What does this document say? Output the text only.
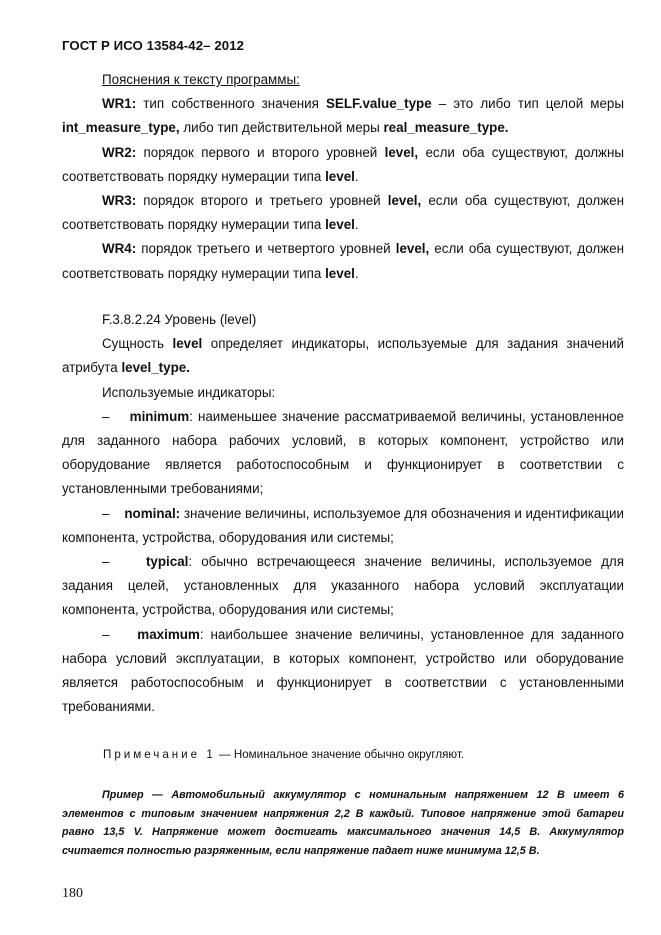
ГОСТ Р ИСО 13584-42– 2012
Пояснения к тексту программы:
WR1: тип собственного значения SELF.value_type – это либо тип целой меры int_measure_type, либо тип действительной меры real_measure_type.
WR2: порядок первого и второго уровней level, если оба существуют, должны соответствовать порядку нумерации типа level.
WR3: порядок второго и третьего уровней level, если оба существуют, должен соответствовать порядку нумерации типа level.
WR4: порядок третьего и четвертого уровней level, если оба существуют, должен соответствовать порядку нумерации типа level.
F.3.8.2.24 Уровень (level)
Сущность level определяет индикаторы, используемые для задания значений атрибута level_type.
Используемые индикаторы:
– minimum: наименьшее значение рассматриваемой величины, установленное для заданного набора рабочих условий, в которых компонент, устройство или оборудование является работоспособным и функционирует в соответствии с установленными требованиями;
– nominal: значение величины, используемое для обозначения и идентификации компонента, устройства, оборудования или системы;
–	typical: обычно встречающееся значение величины, используемое для задания целей, установленных для указанного набора условий эксплуатации компонента, устройства, оборудования или системы;
– maximum: наибольшее значение величины, установленное для заданного набора условий эксплуатации, в которых компонент, устройство или оборудование является работоспособным и функционирует в соответствии с установленными требованиями.
Примечание 1 — Номинальное значение обычно округляют.
Пример — Автомобильный аккумулятор с номинальным напряжением 12 В имеет 6 элементов с типовым значением напряжения 2,2 В каждый. Типовое напряжение этой батареи равно 13,5 V. Напряжение может достигать максимального значения 14,5 В. Аккумулятор считается полностью разряженным, если напряжение падает ниже минимума 12,5 В.
180
